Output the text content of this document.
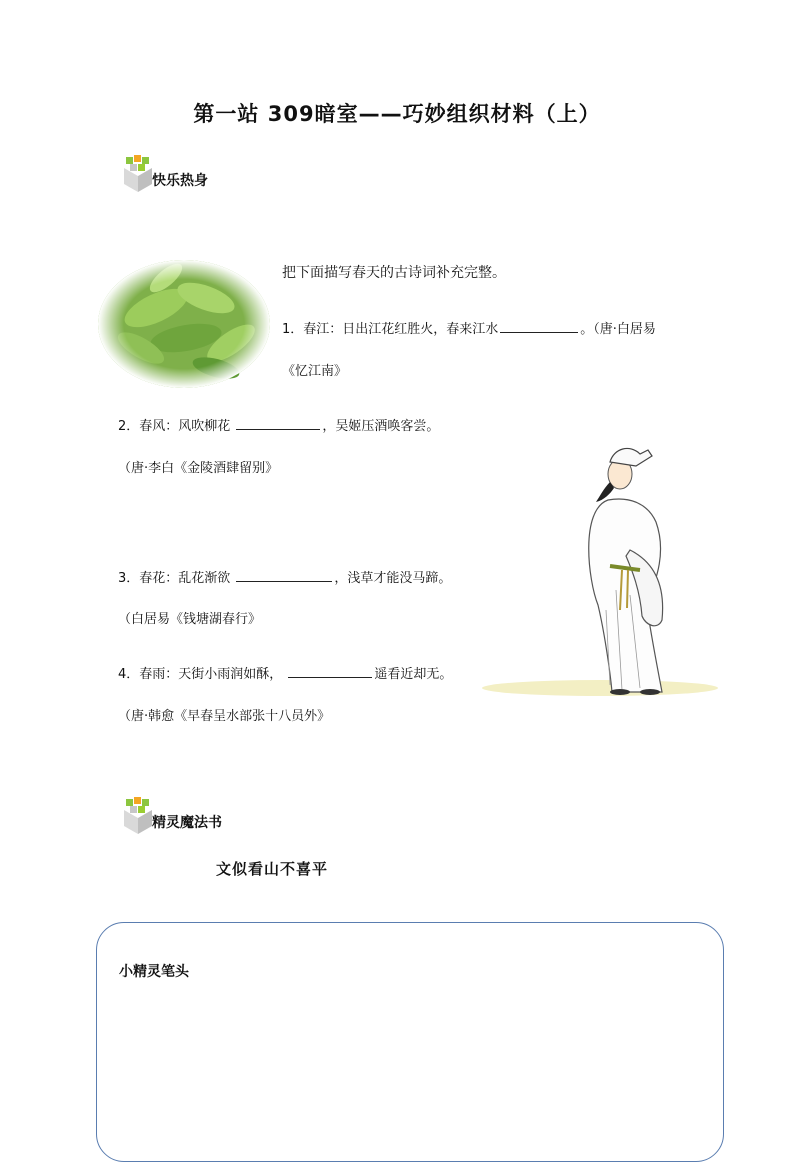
第一站 309暗室——巧妙组织材料（上）
快乐热身
把下面描写春天的古诗词补充完整。
1．春江：日出江花红胜火，春来江水	。（唐·白居易
《忆江南》
2．春风：风吹柳花	，吴姬压酒唤客尝。
（唐·李白《金陵酒肆留别》
3．春花：乱花渐欲	，浅草才能没马蹄。
（白居易《钱塘湖春行》
4．春雨：天街小雨润如酥，	遥看近却无。
（唐·韩愈《早春呈水部张十八员外》
精灵魔法书
文似看山不喜平
小精灵笔头
